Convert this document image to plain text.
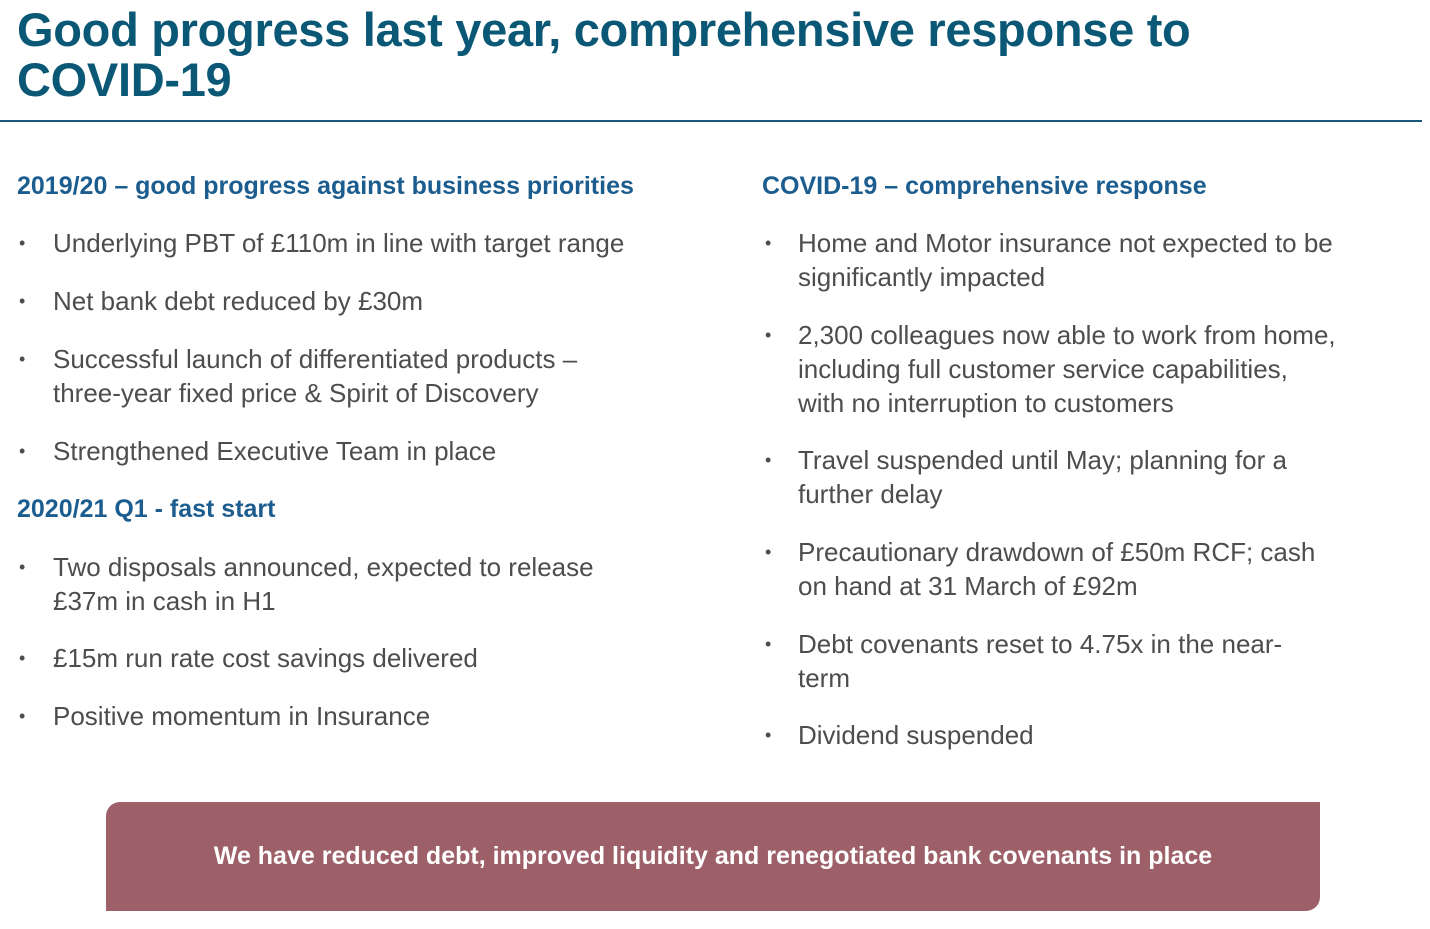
Good progress last year, comprehensive response to
COVID-19
2019/20 – good progress against business priorities
•
Underlying PBT of £110m in line with target range
•
Net bank debt reduced by £30m
•
Successful launch of differentiated products –
three-year fixed price & Spirit of Discovery
•
Strengthened Executive Team in place
2020/21 Q1 - fast start
•
Two disposals announced, expected to release
£37m in cash in H1
•
£15m run rate cost savings delivered
•
Positive momentum in Insurance
COVID-19 – comprehensive response
•
Home and Motor insurance not expected to be
significantly impacted
•
2,300 colleagues now able to work from home,
including full customer service capabilities,
with no interruption to customers
•
Travel suspended until May; planning for a
further delay
•
Precautionary drawdown of £50m RCF; cash
on hand at 31 March of £92m
•
Debt covenants reset to 4.75x in the near-
term
•
Dividend suspended
We have reduced debt, improved liquidity and renegotiated bank covenants in place
